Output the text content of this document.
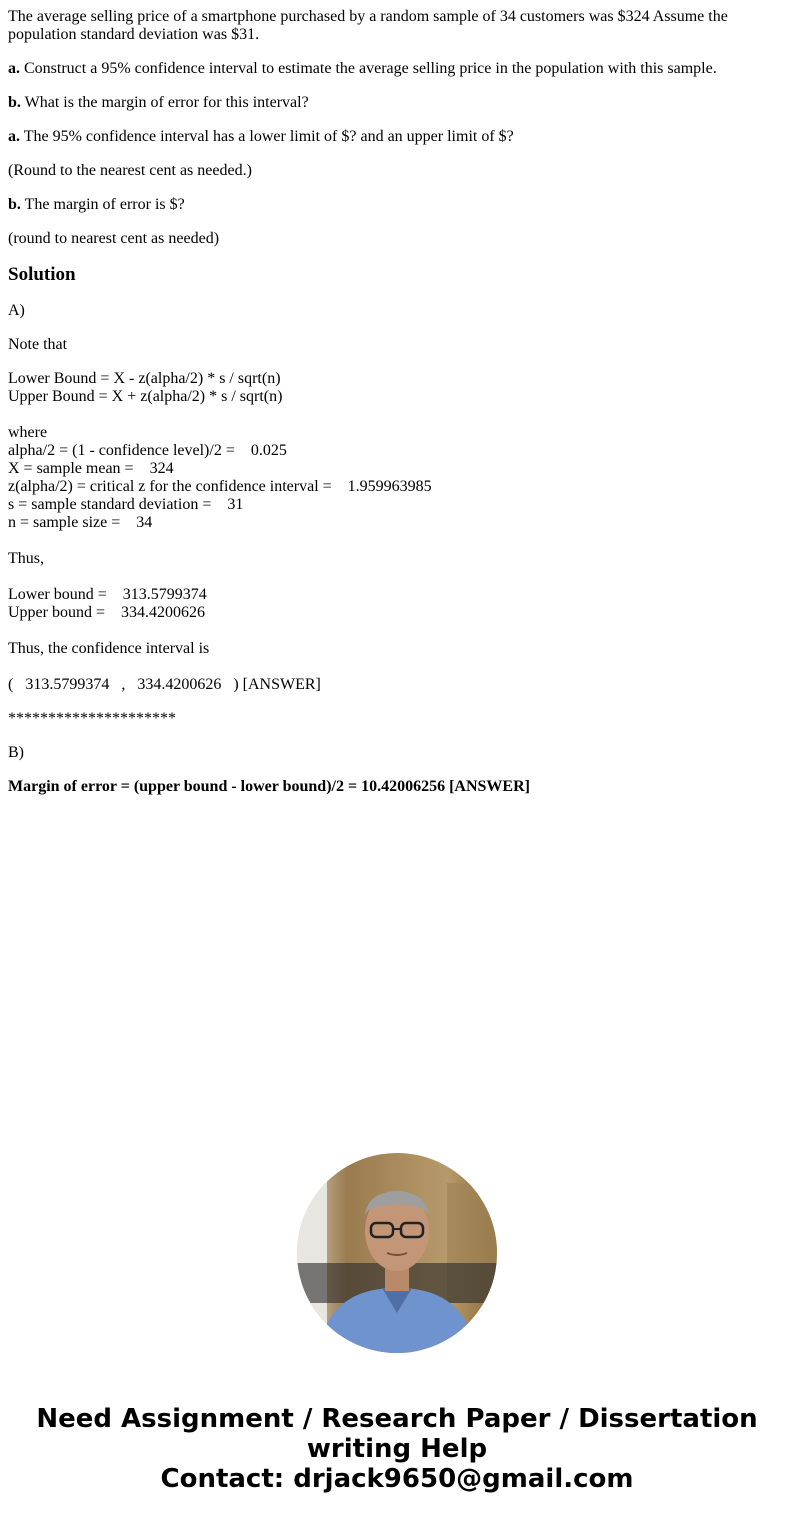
The average selling price of a smartphone purchased by a random sample of 34 customers was $324 Assume the population standard deviation was $31.

a. Construct a 95% confidence interval to estimate the average selling price in the population with this sample.

b. What is the margin of error for this interval?

a. The 95% confidence interval has a lower limit of $? and an upper limit of $?

(Round to the nearest cent as needed.)

b. The margin of error is $?

(round to nearest cent as needed)

Solution

A)

Note that

Lower Bound = X - z(alpha/2) * s / sqrt(n)
Upper Bound = X + z(alpha/2) * s / sqrt(n)
where
alpha/2 = (1 - confidence level)/2 =    0.025
X = sample mean =    324
z(alpha/2) = critical z for the confidence interval =    1.959963985
s = sample standard deviation =    31
n = sample size =    34
Thus,
Lower bound =    313.5799374
Upper bound =    334.4200626
Thus, the confidence interval is

(   313.5799374   ,   334.4200626   ) [ANSWER]

*********************

B)

Margin of error = (upper bound - lower bound)/2 = 10.42006256 [ANSWER]

Need Assignment / Research Paper / Dissertation
writing Help
Contact: drjack9650@gmail.com
